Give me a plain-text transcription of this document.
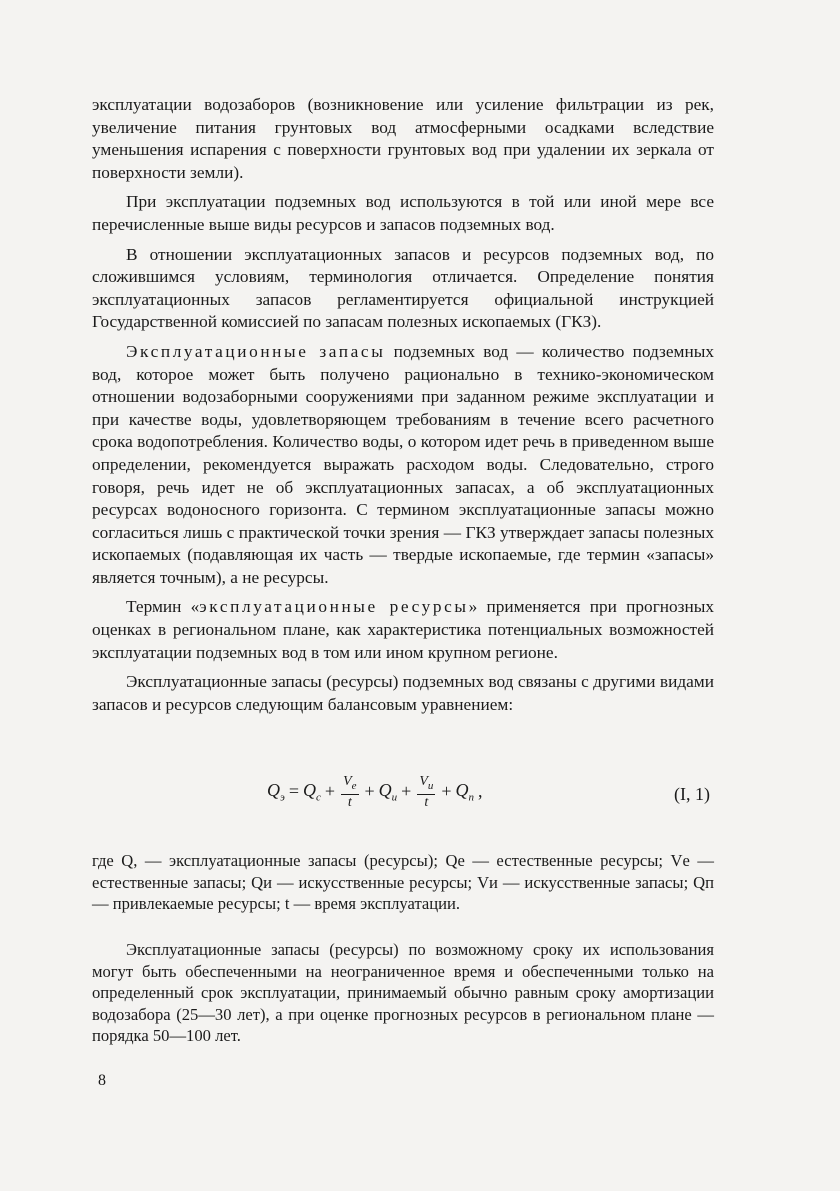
эксплуатации водозаборов (возникновение или усиление фильтрации из рек, увеличение питания грунтовых вод атмосферными осадками вследствие уменьшения испарения с поверхности грунтовых вод при удалении их зеркала от поверхности земли).

При эксплуатации подземных вод используются в той или иной мере все перечисленные выше виды ресурсов и запасов подземных вод.

В отношении эксплуатационных запасов и ресурсов подземных вод, по сложившимся условиям, терминология отличается. Определение понятия эксплуатационных запасов регламентируется официальной инструкцией Государственной комиссией по запасам полезных ископаемых (ГКЗ).

Эксплуатационные запасы подземных вод — количество подземных вод, которое может быть получено рационально в технико-экономическом отношении водозаборными сооружениями при заданном режиме эксплуатации и при качестве воды, удовлетворяющем требованиям в течение всего расчетного срока водопотребления. Количество воды, о котором идет речь в приведенном выше определении, рекомендуется выражать расходом воды. Следовательно, строго говоря, речь идет не об эксплуатационных запасах, а об эксплуатационных ресурсах водоносного горизонта. С термином эксплуатационные запасы можно согласиться лишь с практической точки зрения — ГКЗ утверждает запасы полезных ископаемых (подавляющая их часть — твердые ископаемые, где термин «запасы» является точным), а не ресурсы.

Термин «эксплуатационные ресурсы» применяется при прогнозных оценках в региональном плане, как характеристика потенциальных возможностей эксплуатации подземных вод в том или ином крупном регионе.

Эксплуатационные запасы (ресурсы) подземных вод связаны с другими видами запасов и ресурсов следующим балансовым уравнением:

$Q_э = Q_c + \frac{V_e}{t} + Q_и + \frac{V_и}{t} + Q_п$ ,	(I, 1)

где Q, — эксплуатационные запасы (ресурсы); Qе — естественные ресурсы; Vе — естественные запасы; Qи — искусственные ресурсы; Vи — искусственные запасы; Qп — привлекаемые ресурсы; t — время эксплуатации.

Эксплуатационные запасы (ресурсы) по возможному сроку их использования могут быть обеспеченными на неограниченное время и обеспеченными только на определенный срок эксплуатации, принимаемый обычно равным сроку амортизации водозабора (25—30 лет), а при оценке прогнозных ресурсов в региональном плане — порядка 50—100 лет.

8
